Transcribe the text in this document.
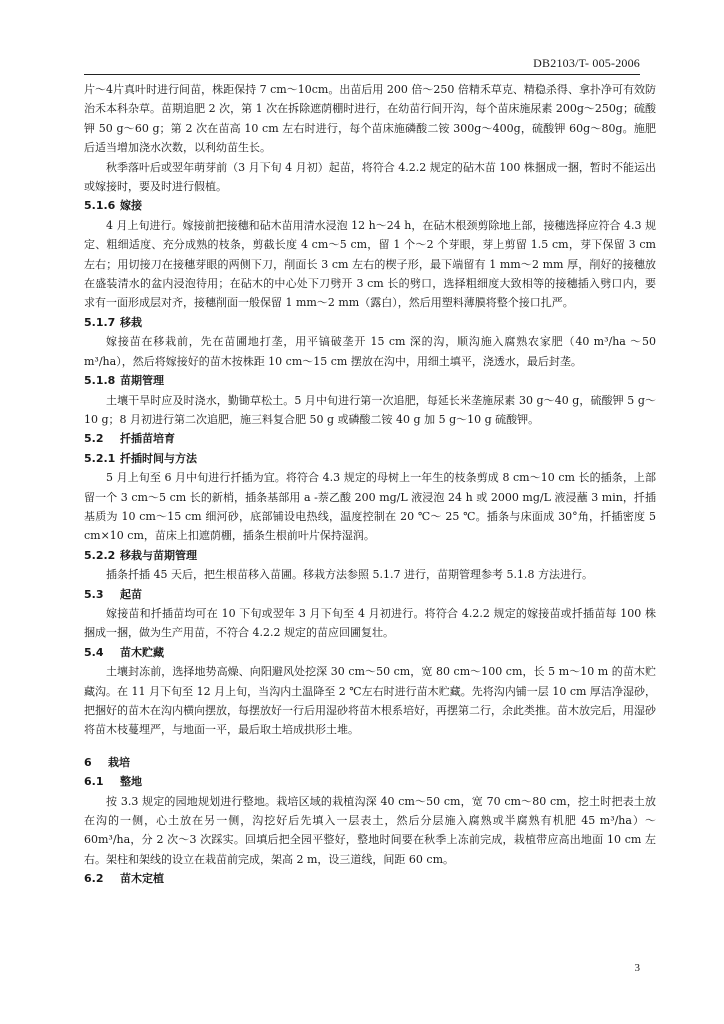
DB2103/T- 005-2006

片～4片真叶时进行间苗，株距保持 7 cm～10cm。出苗后用 200 倍～250 倍精禾草克、精稳杀得、拿扑净可有效防治禾本科杂草。苗期追肥 2 次，第 1 次在拆除遮荫棚时进行，在幼苗行间开沟，每个苗床施尿素 200g～250g；硫酸钾 50 g～60 g；第 2 次在苗高 10 cm 左右时进行，每个苗床施磷酸二铵 300g～400g，硫酸钾 60g～80g。施肥后适当增加浇水次数，以利幼苗生长。

秋季落叶后或翌年萌芽前（3 月下旬 4 月初）起苗，将符合 4.2.2 规定的砧木苗 100 株捆成一捆，暂时不能运出或嫁接时，要及时进行假植。

5.1.6 嫁接

4 月上旬进行。嫁接前把接穗和砧木苗用清水浸泡 12 h～24 h，在砧木根颈剪除地上部，接穗选择应符合 4.3 规定、粗细适度、充分成熟的枝条，剪截长度 4 cm～5 cm，留 1 个～2 个芽眼，芽上剪留 1.5 cm，芽下保留 3 cm 左右；用切接刀在接穗芽眼的两侧下刀，削面长 3 cm 左右的楔子形，最下端留有 1 mm～2 mm 厚，削好的接穗放在盛装清水的盆内浸泡待用；在砧木的中心处下刀劈开 3 cm 长的劈口，选择粗细度大致相等的接穗插入劈口内，要求有一面形成层对齐，接穗削面一般保留 1 mm～2 mm（露白），然后用塑料薄膜将整个接口扎严。

5.1.7 移栽

嫁接苗在移栽前，先在苗圃地打垄，用平镐破垄开 15 cm 深的沟，顺沟施入腐熟农家肥（40 m³/ha ～50 m³/ha），然后将嫁接好的苗木按株距 10 cm～15 cm 摆放在沟中，用细土填平，浇透水，最后封垄。

5.1.8 苗期管理

土壤干旱时应及时浇水，勤锄草松土。5 月中旬进行第一次追肥，每延长米垄施尿素 30 g～40 g，硫酸钾 5 g～10 g；8 月初进行第二次追肥，施三料复合肥 50 g 或磷酸二铵 40 g 加 5 g～10 g 硫酸钾。

5.2 扦插苗培育
5.2.1 扦插时间与方法

5 月上旬至 6 月中旬进行扦插为宜。将符合 4.3 规定的母树上一年生的枝条剪成 8 cm～10 cm 长的插条，上部留一个 3 cm～5 cm 长的新梢，插条基部用 a -萘乙酸 200 mg/L 液浸泡 24 h 或 2000 mg/L 液浸蘸 3 min，扦插基质为 10 cm～15 cm 细河砂，底部铺设电热线，温度控制在 20 ℃～ 25 ℃。插条与床面成 30°角，扦插密度 5 cm×10 cm，苗床上扣遮荫棚，插条生根前叶片保持湿润。

5.2.2 移栽与苗期管理

插条扦插 45 天后，把生根苗移入苗圃。移栽方法参照 5.1.7 进行，苗期管理参考 5.1.8 方法进行。

5.3 起苗

嫁接苗和扦插苗均可在 10 下旬或翌年 3 月下旬至 4 月初进行。将符合 4.2.2 规定的嫁接苗或扦插苗每 100 株捆成一捆，做为生产用苗，不符合 4.2.2 规定的苗应回圃复壮。

5.4 苗木贮藏

土壤封冻前，选择地势高燥、向阳避风处挖深 30 cm～50 cm，宽 80 cm～100 cm，长 5 m～10 m 的苗木贮藏沟。在 11 月下旬至 12 月上旬，当沟内土温降至 2 ℃左右时进行苗木贮藏。先将沟内铺一层 10 cm 厚洁净湿砂，把捆好的苗木在沟内横向摆放，每摆放好一行后用湿砂将苗木根系培好，再摆第二行，余此类推。苗木放完后，用湿砂将苗木枝蔓埋严，与地面一平，最后取土培成拱形土堆。

6 栽培
6.1 整地

按 3.3 规定的园地规划进行整地。栽培区域的栽植沟深 40 cm～50 cm，宽 70 cm～80 cm，挖土时把表土放在沟的一侧，心土放在另一侧，沟挖好后先填入一层表土，然后分层施入腐熟或半腐熟有机肥 45 m³/ha）～60m³/ha，分 2 次～3 次踩实。回填后把全园平整好，整地时间要在秋季上冻前完成，栽植带应高出地面 10 cm 左右。架柱和架线的设立在栽苗前完成，架高 2 m，设三道线，间距 60 cm。

6.2 苗木定植
3
